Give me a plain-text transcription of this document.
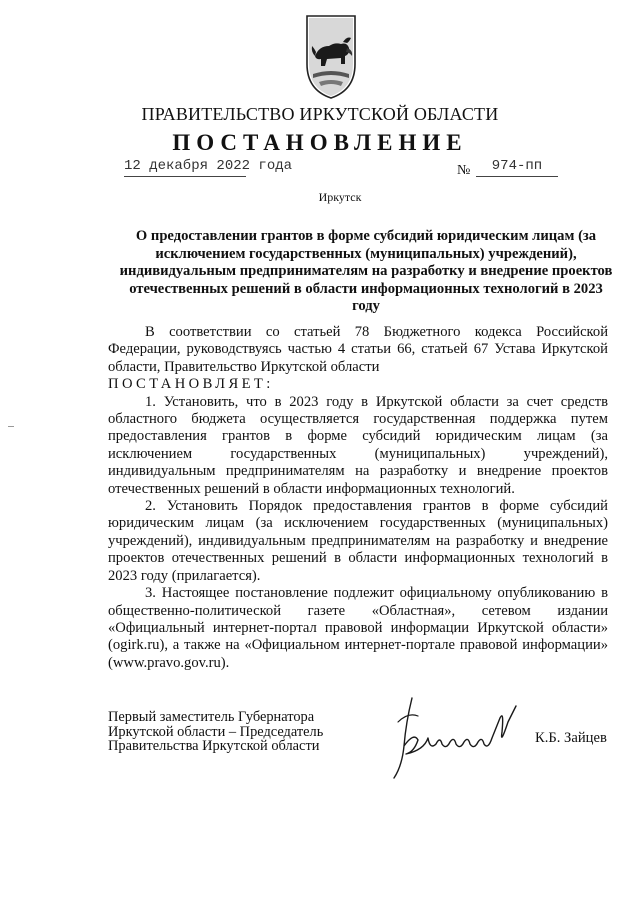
ПРАВИТЕЛЬСТВО ИРКУТСКОЙ ОБЛАСТИ
ПОСТАНОВЛЕНИЕ
12 декабря 2022 года	№	974-пп
Иркутск
О предоставлении грантов в форме субсидий юридическим лицам (за исключением государственных (муниципальных) учреждений), индивидуальным предпринимателям на разработку и внедрение проектов отечественных решений в области информационных технологий в 2023 году

В соответствии со статьей 78 Бюджетного кодекса Российской Федерации, руководствуясь частью 4 статьи 66, статьей 67 Устава Иркутской области, Правительство Иркутской области

ПОСТАНОВЛЯЕТ:

1. Установить, что в 2023 году в Иркутской области за счет средств областного бюджета осуществляется государственная поддержка путем предоставления грантов в форме субсидий юридическим лицам (за исключением государственных (муниципальных) учреждений), индивидуальным предпринимателям на разработку и внедрение проектов отечественных решений в области информационных технологий.

2. Установить Порядок предоставления грантов в форме субсидий юридическим лицам (за исключением государственных (муниципальных) учреждений), индивидуальным предпринимателям на разработку и внедрение проектов отечественных решений в области информационных технологий в 2023 году (прилагается).

3. Настоящее постановление подлежит официальному опубликованию в общественно-политической газете «Областная», сетевом издании «Официальный интернет-портал правовой информации Иркутской области» (ogirk.ru), а также на «Официальном интернет-портале правовой информации» (www.pravo.gov.ru).

Первый заместитель Губернатора
Иркутской области – Председатель
Правительства Иркутской области
К.Б. Зайцев
